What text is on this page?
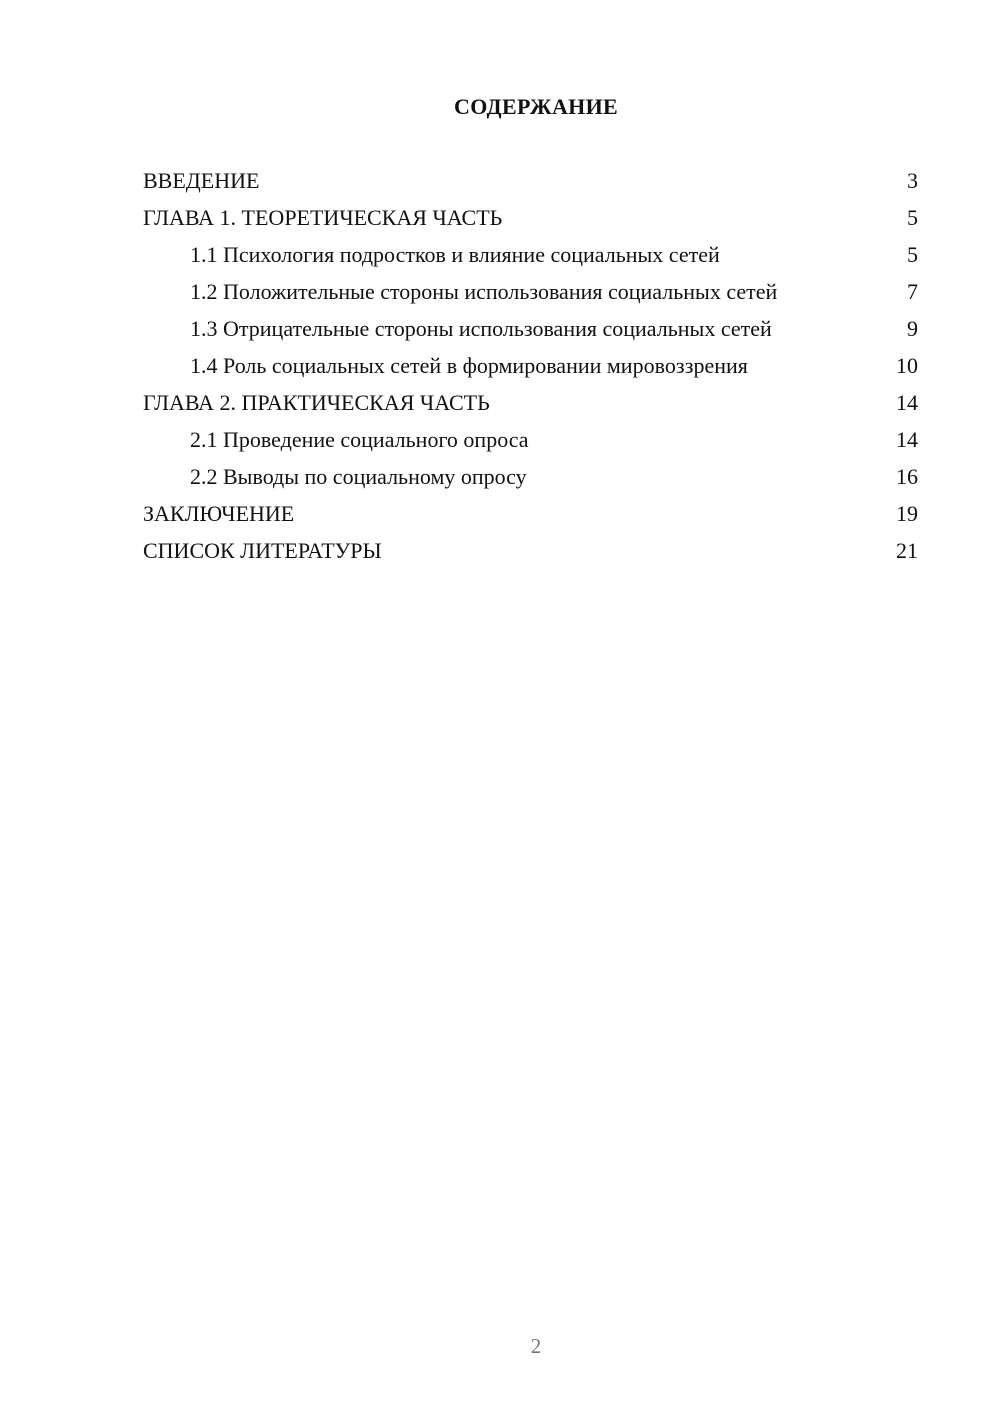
СОДЕРЖАНИЕ
ВВЕДЕНИЕ	3
ГЛАВА 1. ТЕОРЕТИЧЕСКАЯ ЧАСТЬ	5
1.1 Психология подростков и влияние социальных сетей	5
1.2 Положительные стороны использования социальных сетей	7
1.3 Отрицательные стороны использования социальных сетей	9
1.4 Роль социальных сетей в формировании мировоззрения	10
ГЛАВА 2. ПРАКТИЧЕСКАЯ ЧАСТЬ	14
2.1 Проведение социального опроса	14
2.2 Выводы по социальному опросу	16
ЗАКЛЮЧЕНИЕ	19
СПИСОК ЛИТЕРАТУРЫ	21
2
